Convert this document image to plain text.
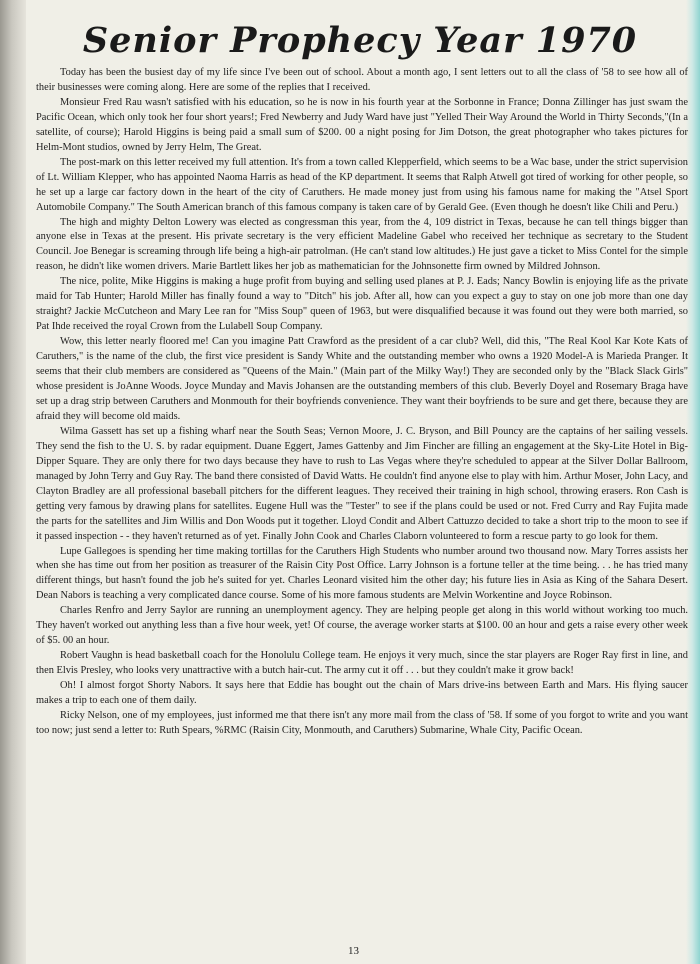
Senior Prophecy Year 1970

Today has been the busiest day of my life since I've been out of school. About a month ago, I sent letters out to all the class of '58 to see how all of their businesses were coming along. Here are some of the replies that I received.

Monsieur Fred Rau wasn't satisfied with his education, so he is now in his fourth year at the Sorbonne in France; Donna Zillinger has just swam the Pacific Ocean, which only took her four short years!; Fred Newberry and Judy Ward have just "Yelled Their Way Around the World in Thirty Seconds,"(In a satellite, of course); Harold Higgins is being paid a small sum of $200. 00 a night posing for Jim Dotson, the great photographer who takes pictures for Helm-Mont studios, owned by Jerry Helm, The Great.

The post-mark on this letter received my full attention. It's from a town called Klepperfield, which seems to be a Wac base, under the strict supervision of Lt. William Klepper, who has appointed Naoma Harris as head of the KP department. It seems that Ralph Atwell got tired of working for other people, so he set up a large car factory down in the heart of the city of Caruthers. He made money just from using his famous name for making the "Atsel Sport Automobile Company." The South American branch of this famous company is taken care of by Gerald Gee. (Even though he doesn't like Chili and Peru.)

The high and mighty Delton Lowery was elected as congressman this year, from the 4, 109 district in Texas, because he can tell things bigger than anyone else in Texas at the present. His private secretary is the very efficient Madeline Gabel who received her technique as secretary to the Student Council. Joe Benegar is screaming through life being a high-air patrolman. (He can't stand low altitudes.) He just gave a ticket to Miss Contel for the simple reason, he didn't like women drivers. Marie Bartlett likes her job as mathematician for the Johnsonette firm owned by Mildred Johnson.

The nice, polite, Mike Higgins is making a huge profit from buying and selling used planes at P. J. Eads; Nancy Bowlin is enjoying life as the private maid for Tab Hunter; Harold Miller has finally found a way to "Ditch" his job. After all, how can you expect a guy to stay on one job more than one day straight? Jackie McCutcheon and Mary Lee ran for "Miss Soup" queen of 1963, but were disqualified because it was found out they were both married, so Pat Ihde received the royal Crown from the Lulabell Soup Company.

Wow, this letter nearly floored me! Can you imagine Patt Crawford as the president of a car club? Well, did this, "The Real Kool Kar Kote Kats of Caruthers," is the name of the club, the first vice president is Sandy White and the outstanding member who owns a 1920 Model-A is Marieda Pranger. It seems that their club members are considered as "Queens of the Main." (Main part of the Milky Way!) They are seconded only by the "Black Slack Girls" whose president is JoAnne Woods. Joyce Munday and Mavis Johansen are the outstanding members of this club. Beverly Doyel and Rosemary Braga have set up a drag strip between Caruthers and Monmouth for their boyfriends convenience. They want their boyfriends to be sure and get there, because they are afraid they will become old maids.

Wilma Gassett has set up a fishing wharf near the South Seas; Vernon Moore, J. C. Bryson, and Bill Pouncy are the captains of her sailing vessels. They send the fish to the U. S. by radar equipment. Duane Eggert, James Gattenby and Jim Fincher are filling an engagement at the Sky-Lite Hotel in Big-Dipper Square. They are only there for two days because they have to rush to Las Vegas where they're scheduled to appear at the Silver Dollar Ballroom, managed by John Terry and Guy Ray. The band there consisted of David Watts. He couldn't find anyone else to play with him. Arthur Moser, John Lacy, and Clayton Bradley are all professional baseball pitchers for the different leagues. They received their training in high school, throwing erasers. Ron Cash is getting very famous by drawing plans for satellites. Eugene Hull was the "Tester" to see if the plans could be used or not. Fred Curry and Ray Fujita made the parts for the satellites and Jim Willis and Don Woods put it together. Lloyd Condit and Albert Cattuzzo decided to take a short trip to the moon to see if it passed inspection - - they haven't returned as of yet. Finally John Cook and Charles Claborn volunteered to form a rescue party to go look for them.

Lupe Gallegoes is spending her time making tortillas for the Caruthers High Students who number around two thousand now. Mary Torres assists her when she has time out from her position as treasurer of the Raisin City Post Office. Larry Johnson is a fortune teller at the time being. . . he has tried many different things, but hasn't found the job he's suited for yet. Charles Leonard visited him the other day; his future lies in Asia as King of the Sahara Desert. Dean Nabors is teaching a very complicated dance course. Some of his more famous students are Melvin Workentine and Joyce Robinson.

Charles Renfro and Jerry Saylor are running an unemployment agency. They are helping people get along in this world without working too much. They haven't worked out anything less than a five hour week, yet! Of course, the average worker starts at $100. 00 an hour and gets a raise every other week of $5. 00 an hour.

Robert Vaughn is head basketball coach for the Honolulu College team. He enjoys it very much, since the star players are Roger Ray first in line, and then Elvis Presley, who looks very unattractive with a butch hair-cut. The army cut it off . . . but they couldn't make it grow back!

Oh! I almost forgot Shorty Nabors. It says here that Eddie has bought out the chain of Mars drive-ins between Earth and Mars. His flying saucer makes a trip to each one of them daily.

Ricky Nelson, one of my employees, just informed me that there isn't any more mail from the class of '58. If some of you forgot to write and you want too now; just send a letter to: Ruth Spears, %RMC (Raisin City, Monmouth, and Caruthers) Submarine, Whale City, Pacific Ocean.

13
